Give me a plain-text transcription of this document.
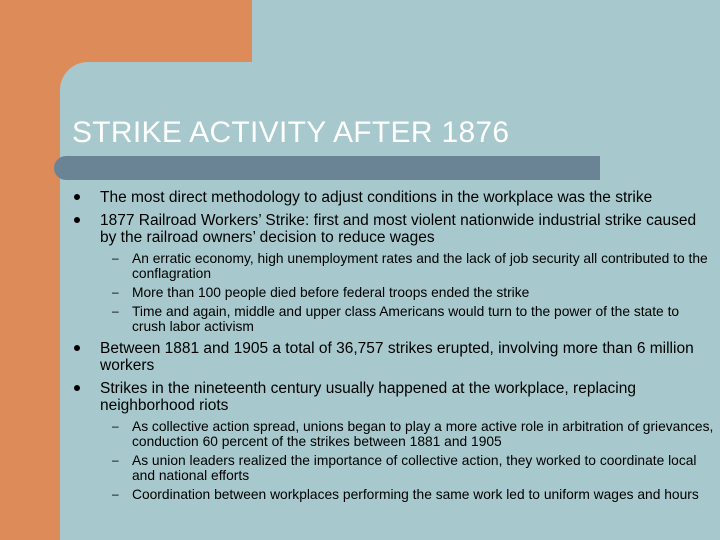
STRIKE ACTIVITY AFTER 1876
The most direct methodology to adjust conditions in the workplace was the strike
1877 Railroad Workers’ Strike: first and most violent nationwide industrial strike caused by the railroad owners’ decision to reduce wages
– An erratic economy, high unemployment rates and the lack of job security all contributed to the conflagration
– More than 100 people died before federal troops ended the strike
– Time and again, middle and upper class Americans would turn to the power of the state to crush labor activism
Between 1881 and 1905 a total of 36,757 strikes erupted, involving more than 6 million workers
Strikes in the nineteenth century usually happened at the workplace, replacing neighborhood riots
– As collective action spread, unions began to play a more active role in arbitration of grievances, conduction 60 percent of the strikes between 1881 and 1905
– As union leaders realized the importance of collective action, they worked to coordinate local and national efforts
– Coordination between workplaces performing the same work led to uniform wages and hours
